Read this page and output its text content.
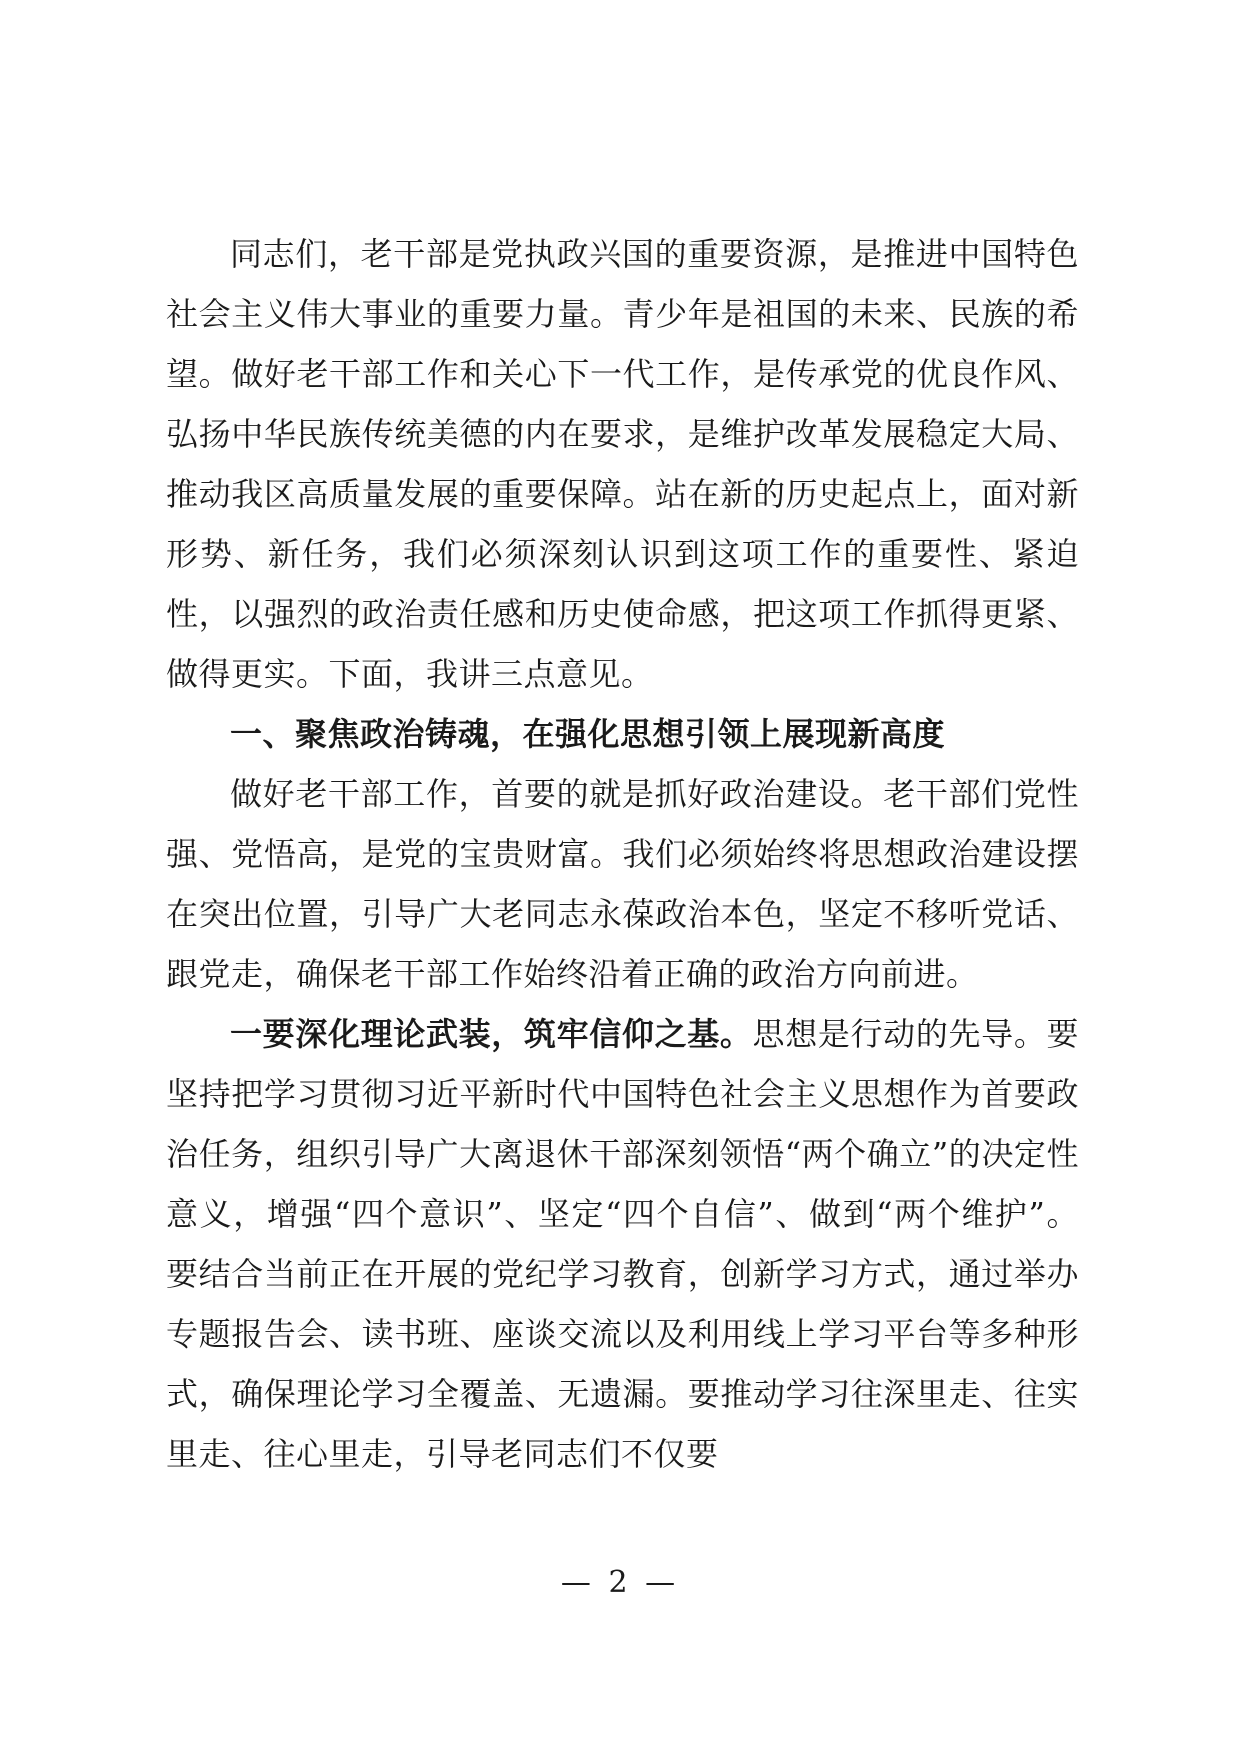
同志们，老干部是党执政兴国的重要资源，是推进中国特色社会主义伟大事业的重要力量。青少年是祖国的未来、民族的希望。做好老干部工作和关心下一代工作，是传承党的优良作风、弘扬中华民族传统美德的内在要求，是维护改革发展稳定大局、推动我区高质量发展的重要保障。站在新的历史起点上，面对新形势、新任务，我们必须深刻认识到这项工作的重要性、紧迫性，以强烈的政治责任感和历史使命感，把这项工作抓得更紧、做得更实。下面，我讲三点意见。

一、聚焦政治铸魂，在强化思想引领上展现新高度

做好老干部工作，首要的就是抓好政治建设。老干部们党性强、党悟高，是党的宝贵财富。我们必须始终将思想政治建设摆在突出位置，引导广大老同志永葆政治本色，坚定不移听党话、跟党走，确保老干部工作始终沿着正确的政治方向前进。

一要深化理论武装，筑牢信仰之基。思想是行动的先导。要坚持把学习贯彻习近平新时代中国特色社会主义思想作为首要政治任务，组织引导广大离退休干部深刻领悟“两个确立”的决定性意义，增强“四个意识”、坚定“四个自信”、做到“两个维护”。要结合当前正在开展的党纪学习教育，创新学习方式，通过举办专题报告会、读书班、座谈交流以及利用线上学习平台等多种形式，确保理论学习全覆盖、无遗漏。要推动学习往深里走、往实里走、往心里走，引导老同志们不仅要

— 2 —
